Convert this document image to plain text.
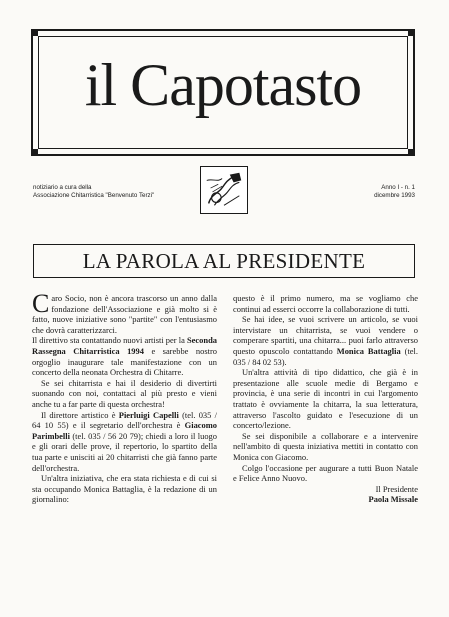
il Capotasto
notiziario a cura della
Associazione Chitarristica "Benvenuto Terzi"
Anno I - n. 1
dicembre 1993
LA PAROLA AL PRESIDENTE

Caro Socio, non è ancora trascorso un anno dalla fondazione dell'Associazione e già molto si è fatto, nuove iniziative sono "partite" con l'entusiasmo che dovrà caratterizzarci.

Il direttivo sta contattando nuovi artisti per la Seconda Rassegna Chitarristica 1994 e sarebbe nostro orgoglio inaugurare tale manifestazione con un concerto della neonata Orchestra di Chitarre.

Se sei chitarrista e hai il desiderio di divertirti suonando con noi, contattaci al più presto e vieni anche tu a far parte di questa orchestra!

Il direttore artistico è Pierluigi Capelli (tel. 035 / 64 10 55) e il segretario dell'orchestra è Giacomo Parimbelli (tel. 035 / 56 20 79); chiedi a loro il luogo e gli orari delle prove, il repertorio, lo spartito della tua parte e unisciti ai 20 chitarristi che già fanno parte dell'orchestra.

Un'altra iniziativa, che era stata richiesta e di cui si sta occupando Monica Battaglia, è la redazione di un giornalino:

questo è il primo numero, ma se vogliamo che continui ad esserci occorre la collaborazione di tutti.

Se hai idee, se vuoi scrivere un articolo, se vuoi intervistare un chitarrista, se vuoi vendere o comperare spartiti, una chitarra... puoi farlo attraverso questo opuscolo contattando Monica Battaglia (tel. 035 / 84 02 53).

Un'altra attività di tipo didattico, che già è in presentazione alle scuole medie di Bergamo e provincia, è una serie di incontri in cui l'argomento trattato è ovviamente la chitarra, la sua letteratura, attraverso l'ascolto guidato e l'esecuzione di un concerto/lezione.

Se sei disponibile a collaborare e a intervenire nell'ambito di questa iniziativa mettiti in contatto con Monica con Giacomo.

Colgo l'occasione per augurare a tutti Buon Natale e Felice Anno Nuovo.

Il Presidente

Paola Missale
